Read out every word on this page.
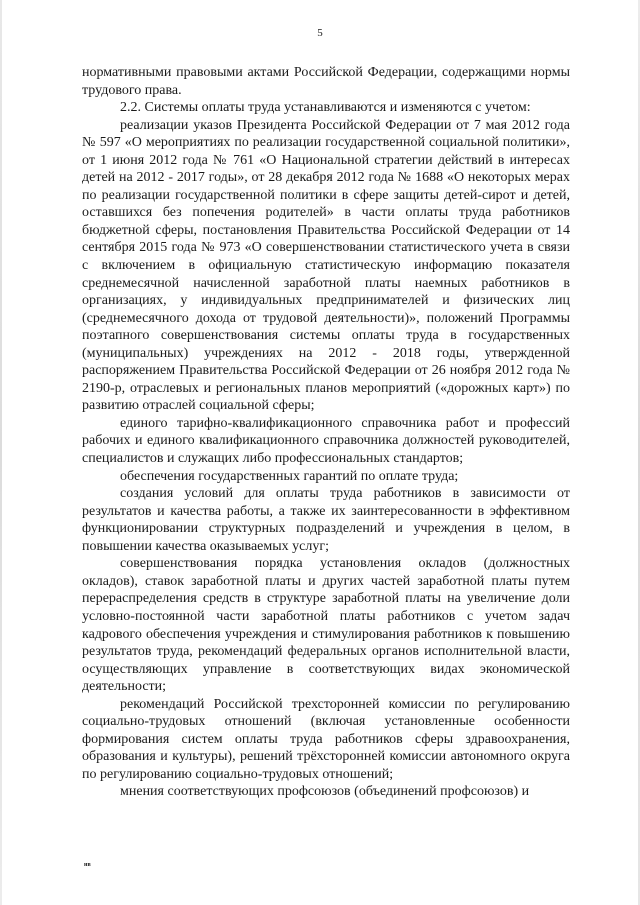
5

нормативными правовыми актами Российской Федерации, содержащими нормы трудового права.

2.2. Системы оплаты труда устанавливаются и изменяются с учетом:

реализации указов Президента Российской Федерации от 7 мая 2012 года № 597 «О мероприятиях по реализации государственной социальной политики», от 1 июня 2012 года № 761 «О Национальной стратегии действий в интересах детей на 2012 - 2017 годы», от 28 декабря 2012 года № 1688 «О некоторых мерах по реализации государственной политики в сфере защиты детей-сирот и детей, оставшихся без попечения родителей» в части оплаты труда работников бюджетной сферы, постановления Правительства Российской Федерации от 14 сентября 2015 года № 973 «О совершенствовании статистического учета в связи с включением в официальную статистическую информацию показателя среднемесячной начисленной заработной платы наемных работников в организациях, у индивидуальных предпринимателей и физических лиц (среднемесячного дохода от трудовой деятельности)», положений Программы поэтапного совершенствования системы оплаты труда в государственных (муниципальных) учреждениях на 2012 - 2018 годы, утвержденной распоряжением Правительства Российской Федерации от 26 ноября 2012 года № 2190-р, отраслевых и региональных планов мероприятий («дорожных карт») по развитию отраслей социальной сферы;

единого тарифно-квалификационного справочника работ и профессий рабочих и единого квалификационного справочника должностей руководителей, специалистов и служащих либо профессиональных стандартов;

обеспечения государственных гарантий по оплате труда;

создания условий для оплаты труда работников в зависимости от результатов и качества работы, а также их заинтересованности в эффективном функционировании структурных подразделений и учреждения в целом, в повышении качества оказываемых услуг;

совершенствования порядка установления окладов (должностных окладов), ставок заработной платы и других частей заработной платы путем перераспределения средств в структуре заработной платы на увеличение доли условно-постоянной части заработной платы работников с учетом задач кадрового обеспечения учреждения и стимулирования работников к повышению результатов труда, рекомендаций федеральных органов исполнительной власти, осуществляющих управление в соответствующих видах экономической деятельности;

рекомендаций Российской трехсторонней комиссии по регулированию социально-трудовых отношений (включая установленные особенности формирования систем оплаты труда работников сферы здравоохранения, образования и культуры), решений трёхсторонней комиссии автономного округа по регулированию социально-трудовых отношений;

мнения соответствующих профсоюзов (объединений профсоюзов) и

нв
